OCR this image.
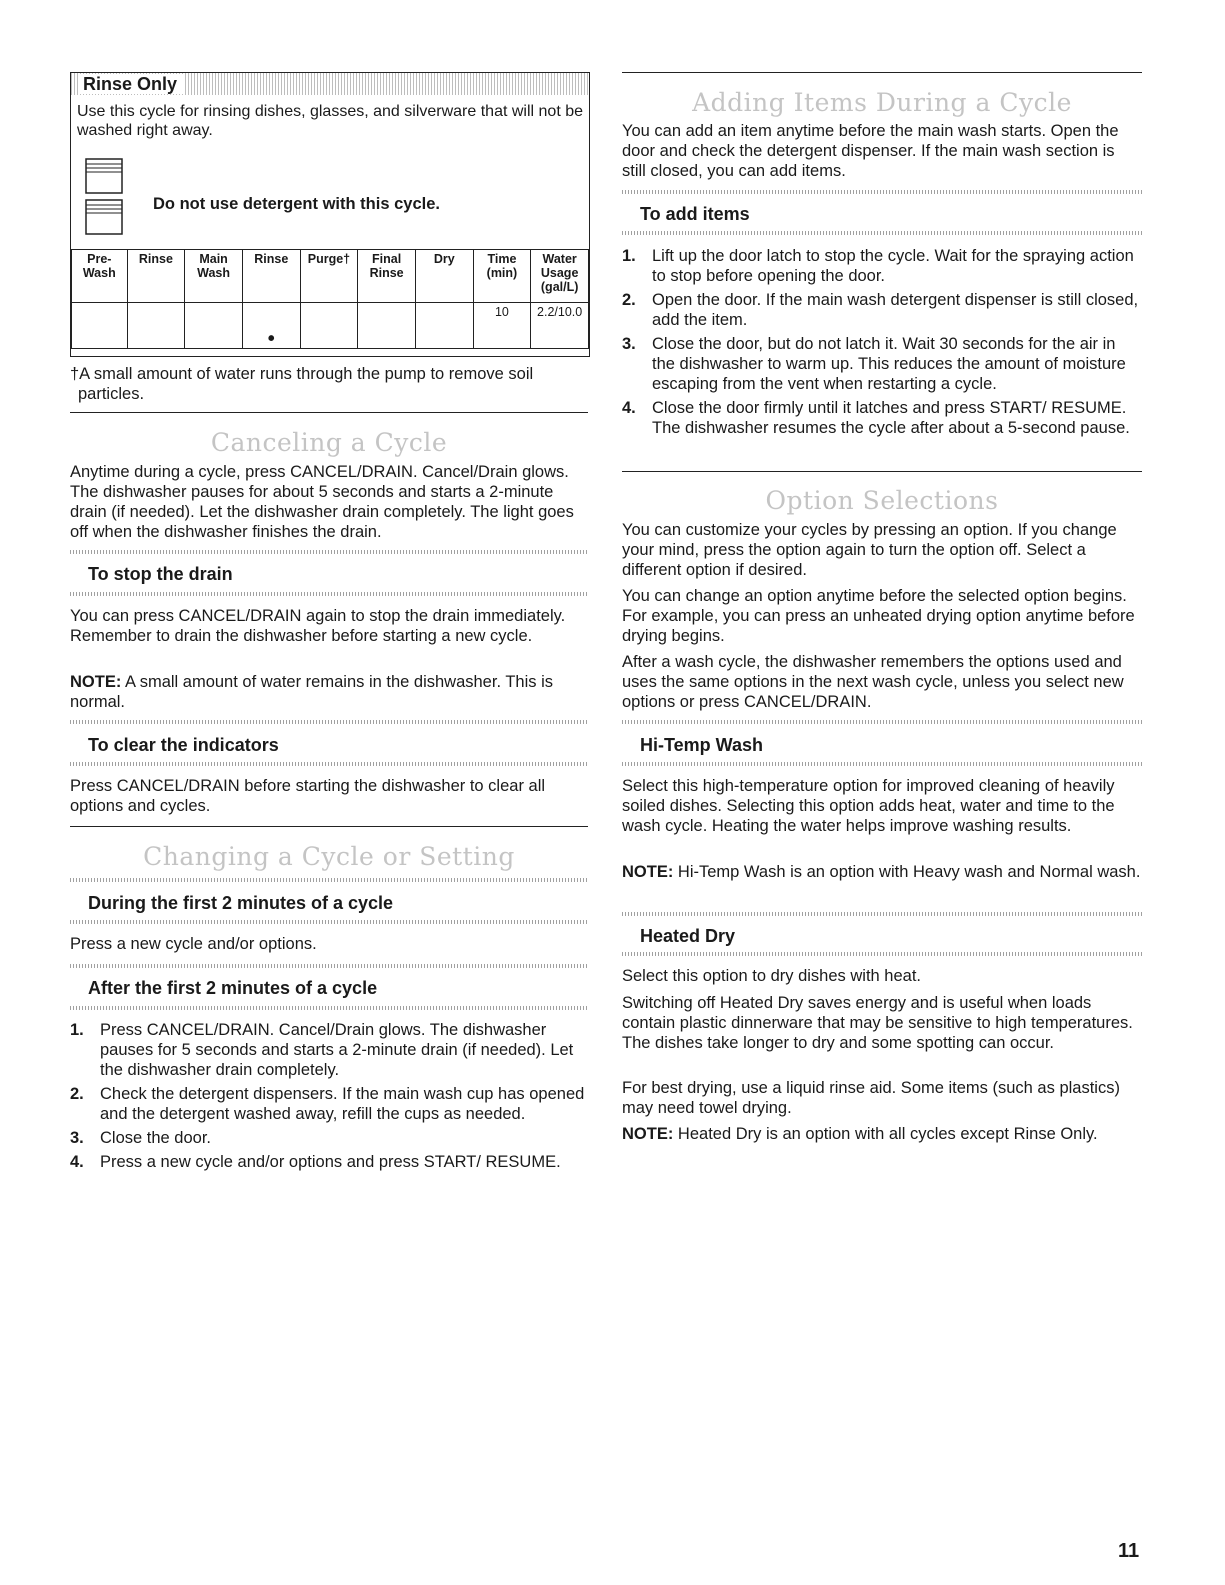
Rinse Only

Use this cycle for rinsing dishes, glasses, and silverware that will not be washed right away.

Do not use detergent with this cycle.

Pre-Wash	Rinse	Main Wash	Rinse	Purge†	Final Rinse	Dry	Time (min)	Water Usage (gal/L)
			•				10	2.2/10.0

†A small amount of water runs through the pump to remove soil particles.

Canceling a Cycle

Anytime during a cycle, press CANCEL/DRAIN. Cancel/Drain glows. The dishwasher pauses for about 5 seconds and starts a 2-minute drain (if needed). Let the dishwasher drain completely. The light goes off when the dishwasher finishes the drain.

To stop the drain

You can press CANCEL/DRAIN again to stop the drain immediately. Remember to drain the dishwasher before starting a new cycle.

NOTE: A small amount of water remains in the dishwasher. This is normal.

To clear the indicators

Press CANCEL/DRAIN before starting the dishwasher to clear all options and cycles.

Changing a Cycle or Setting
During the first 2 minutes of a cycle

Press a new cycle and/or options.

After the first 2 minutes of a cycle
1. Press CANCEL/DRAIN. Cancel/Drain glows. The dishwasher pauses for 5 seconds and starts a 2-minute drain (if needed). Let the dishwasher drain completely.
2. Check the detergent dispensers. If the main wash cup has opened and the detergent washed away, refill the cups as needed.
3. Close the door.
4. Press a new cycle and/or options and press START/ RESUME.
Adding Items During a Cycle

You can add an item anytime before the main wash starts. Open the door and check the detergent dispenser. If the main wash section is still closed, you can add items.

To add items
1. Lift up the door latch to stop the cycle. Wait for the spraying action to stop before opening the door.
2. Open the door. If the main wash detergent dispenser is still closed, add the item.
3. Close the door, but do not latch it. Wait 30 seconds for the air in the dishwasher to warm up. This reduces the amount of moisture escaping from the vent when restarting a cycle.
4. Close the door firmly until it latches and press START/ RESUME. The dishwasher resumes the cycle after about a 5-second pause.
Option Selections

You can customize your cycles by pressing an option. If you change your mind, press the option again to turn the option off. Select a different option if desired.

You can change an option anytime before the selected option begins. For example, you can press an unheated drying option anytime before drying begins.

After a wash cycle, the dishwasher remembers the options used and uses the same options in the next wash cycle, unless you select new options or press CANCEL/DRAIN.

Hi-Temp Wash

Select this high-temperature option for improved cleaning of heavily soiled dishes. Selecting this option adds heat, water and time to the wash cycle. Heating the water helps improve washing results.

NOTE: Hi-Temp Wash is an option with Heavy wash and Normal wash.

Heated Dry

Select this option to dry dishes with heat.

Switching off Heated Dry saves energy and is useful when loads contain plastic dinnerware that may be sensitive to high temperatures. The dishes take longer to dry and some spotting can occur.

For best drying, use a liquid rinse aid. Some items (such as plastics) may need towel drying.

NOTE: Heated Dry is an option with all cycles except Rinse Only.

11
